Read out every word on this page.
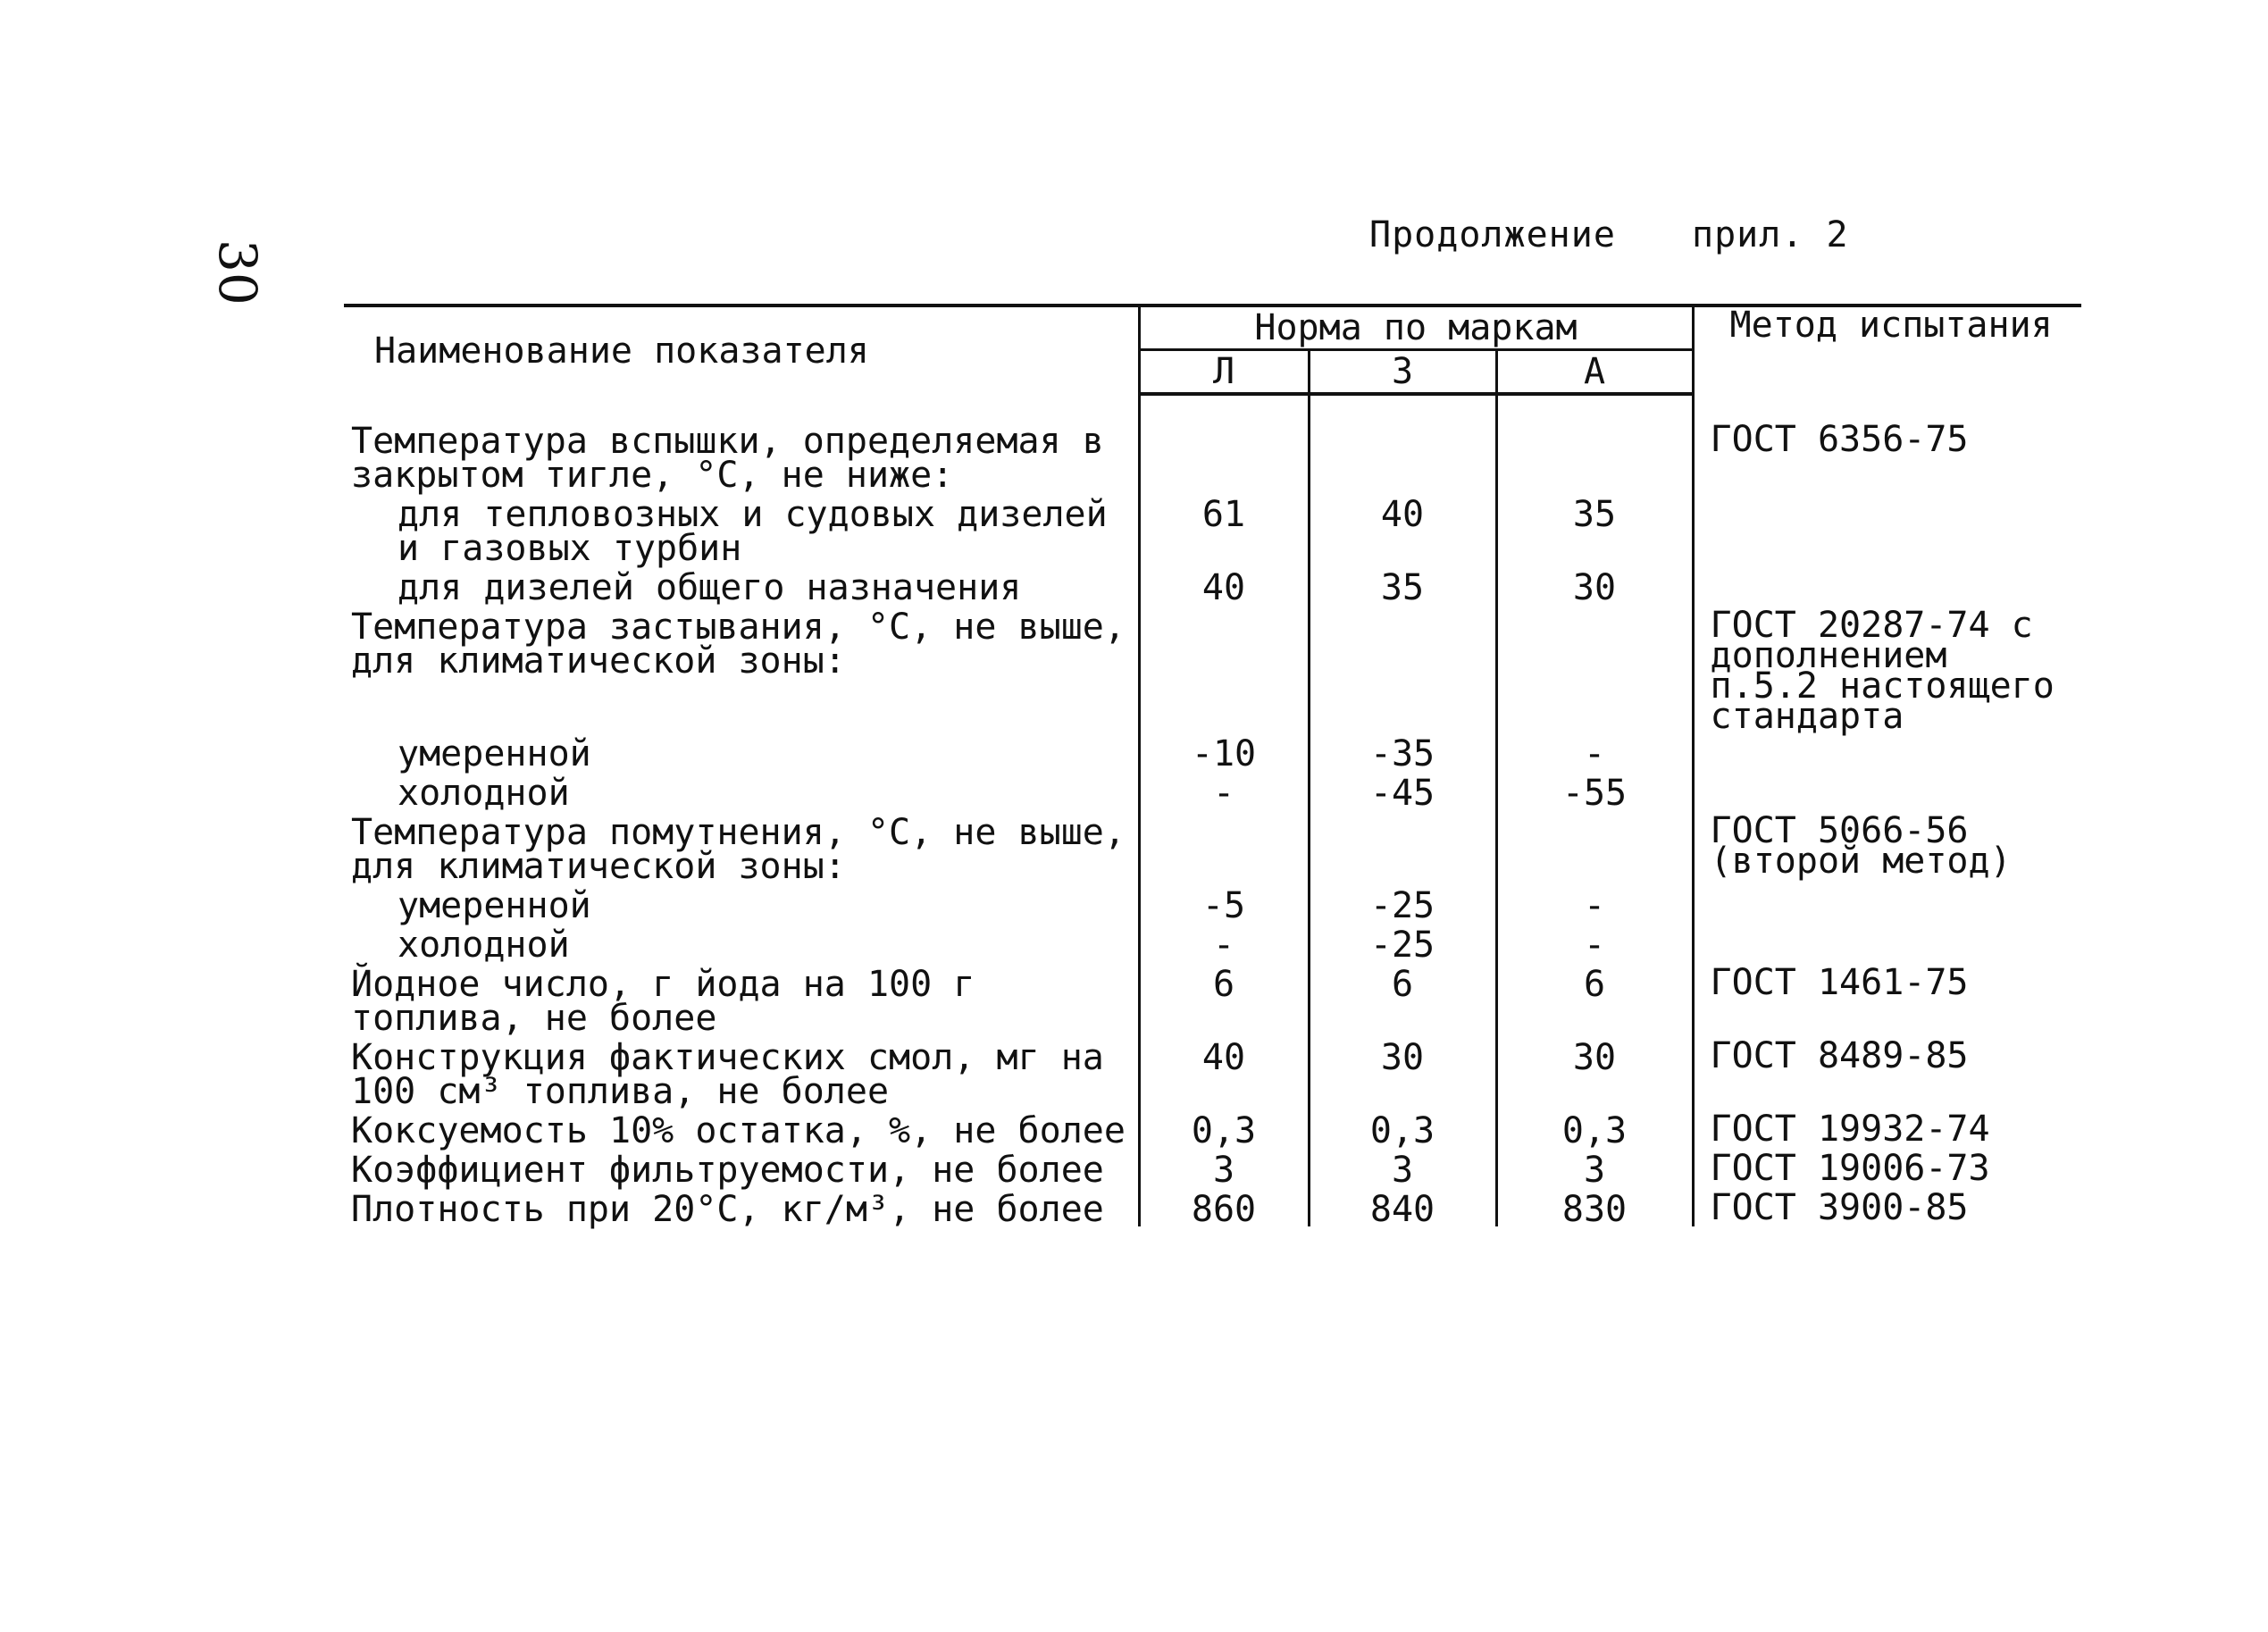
30
Продолжение прил. 2
Наименование показателя	Норма по маркам			Метод испытания
	Л	З	А	
Температура вспышки, определяемая в закрытом тигле, °С, не ниже:				ГОСТ 6356-75
для тепловозных и судовых дизелей и газовых турбин	61	40	35	
для дизелей общего назначения	40	35	30	
Температура застывания, °С, не выше, для климатической зоны:				ГОСТ 20287-74 с дополнением п.5.2 настоящего стандарта
умеренной	-10	-35	-	
холодной	-	-45	-55	
Температура помутнения, °С, не выше, для климатической зоны:				ГОСТ 5066-56 (второй метод)
умеренной	-5	-25	-	
холодной	-	-25	-	
Йодное число, г йода на 100 г топлива, не более	6	6	6	ГОСТ 1461-75
Конструкция фактических смол, мг на 100 см³ топлива, не более	40	30	30	ГОСТ 8489-85
Коксуемость 10% остатка, %, не более	0,3	0,3	0,3	ГОСТ 19932-74
Коэффициент фильтруемости, не более	3	3	3	ГОСТ 19006-73
Плотность при 20°С, кг/м³, не более	860	840	830	ГОСТ 3900-85
